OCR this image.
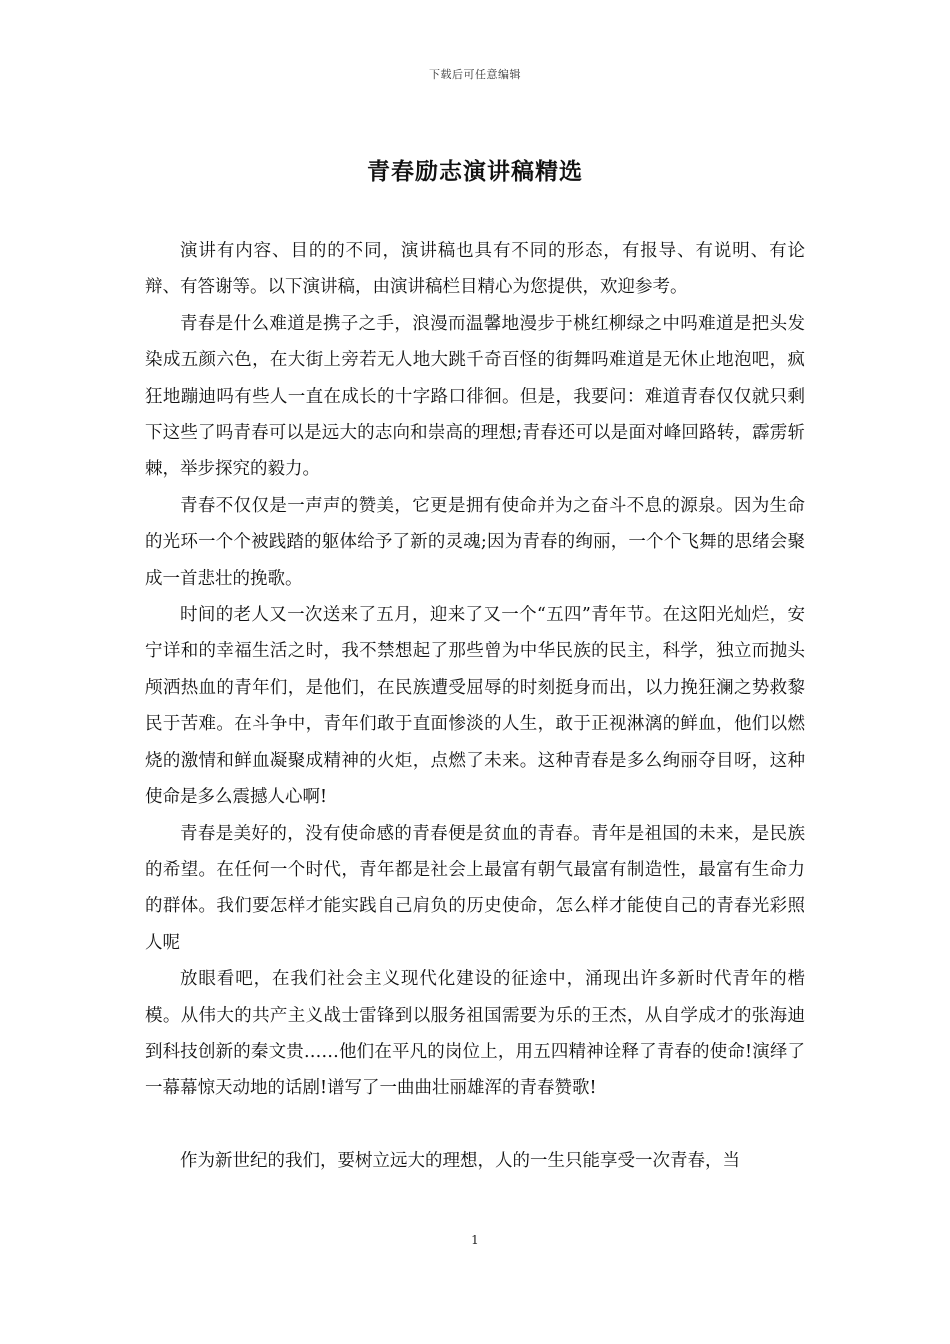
下载后可任意编辑
青春励志演讲稿精选

演讲有内容、目的的不同，演讲稿也具有不同的形态，有报导、有说明、有论辩、有答谢等。以下演讲稿，由演讲稿栏目精心为您提供，欢迎参考。

青春是什么难道是携子之手，浪漫而温馨地漫步于桃红柳绿之中吗难道是把头发染成五颜六色，在大街上旁若无人地大跳千奇百怪的街舞吗难道是无休止地泡吧，疯狂地蹦迪吗有些人一直在成长的十字路口徘徊。但是，我要问：难道青春仅仅就只剩下这些了吗青春可以是远大的志向和崇高的理想;青春还可以是面对峰回路转，霹雳斩棘，举步探究的毅力。

青春不仅仅是一声声的赞美，它更是拥有使命并为之奋斗不息的源泉。因为生命的光环一个个被践踏的躯体给予了新的灵魂;因为青春的绚丽，一个个飞舞的思绪会聚成一首悲壮的挽歌。

时间的老人又一次送来了五月，迎来了又一个“五四”青年节。在这阳光灿烂，安宁详和的幸福生活之时，我不禁想起了那些曾为中华民族的民主，科学，独立而抛头颅洒热血的青年们，是他们，在民族遭受屈辱的时刻挺身而出，以力挽狂澜之势救黎民于苦难。在斗争中，青年们敢于直面惨淡的人生，敢于正视淋漓的鲜血，他们以燃烧的激情和鲜血凝聚成精神的火炬，点燃了未来。这种青春是多么绚丽夺目呀，这种使命是多么震撼人心啊!

青春是美好的，没有使命感的青春便是贫血的青春。青年是祖国的未来，是民族的希望。在任何一个时代，青年都是社会上最富有朝气最富有制造性，最富有生命力的群体。我们要怎样才能实践自己肩负的历史使命，怎么样才能使自己的青春光彩照人呢

放眼看吧，在我们社会主义现代化建设的征途中，涌现出许多新时代青年的楷模。从伟大的共产主义战士雷锋到以服务祖国需要为乐的王杰，从自学成才的张海迪到科技创新的秦文贵……他们在平凡的岗位上，用五四精神诠释了青春的使命!演绎了一幕幕惊天动地的话剧!谱写了一曲曲壮丽雄浑的青春赞歌!

作为新世纪的我们，要树立远大的理想，人的一生只能享受一次青春，当

1
